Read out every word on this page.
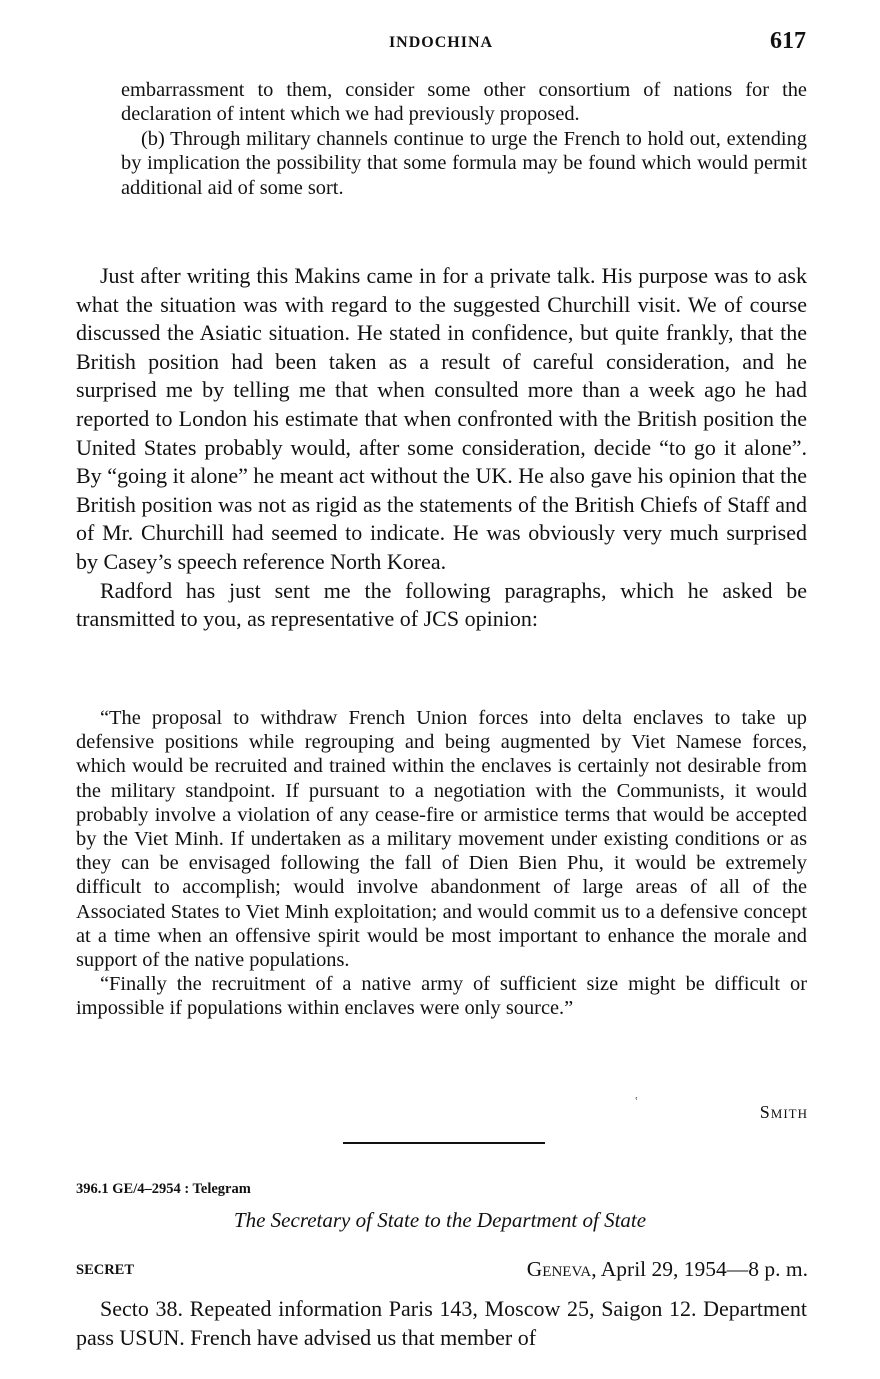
INDOCHINA	617

embarrassment to them, consider some other consortium of nations for the declaration of intent which we had previously proposed.

(b) Through military channels continue to urge the French to hold out, extending by implication the possibility that some formula may be found which would permit additional aid of some sort.

Just after writing this Makins came in for a private talk. His purpose was to ask what the situation was with regard to the suggested Churchill visit. We of course discussed the Asiatic situation. He stated in confidence, but quite frankly, that the British position had been taken as a result of careful consideration, and he surprised me by telling me that when consulted more than a week ago he had reported to London his estimate that when confronted with the British position the United States probably would, after some consideration, decide “to go it alone”. By “going it alone” he meant act without the UK. He also gave his opinion that the British position was not as rigid as the statements of the British Chiefs of Staff and of Mr. Churchill had seemed to indicate. He was obviously very much surprised by Casey’s speech reference North Korea.

Radford has just sent me the following paragraphs, which he asked be transmitted to you, as representative of JCS opinion:

“The proposal to withdraw French Union forces into delta enclaves to take up defensive positions while regrouping and being augmented by Viet Namese forces, which would be recruited and trained within the enclaves is certainly not desirable from the military standpoint. If pursuant to a negotiation with the Communists, it would probably involve a violation of any cease-fire or armistice terms that would be accepted by the Viet Minh. If undertaken as a military movement under existing conditions or as they can be envisaged following the fall of Dien Bien Phu, it would be extremely difficult to accomplish; would involve abandonment of large areas of all of the Associated States to Viet Minh exploitation; and would commit us to a defensive concept at a time when an offensive spirit would be most important to enhance the morale and support of the native populations.

“Finally the recruitment of a native army of sufficient size might be difficult or impossible if populations within enclaves were only source.”

ʿ	Smith
396.1 GE/4–2954 : Telegram
The Secretary of State to the Department of State
SECRET	Geneva, April 29, 1954—8 p. m.

Secto 38. Repeated information Paris 143, Moscow 25, Saigon 12. Department pass USUN. French have advised us that member of
